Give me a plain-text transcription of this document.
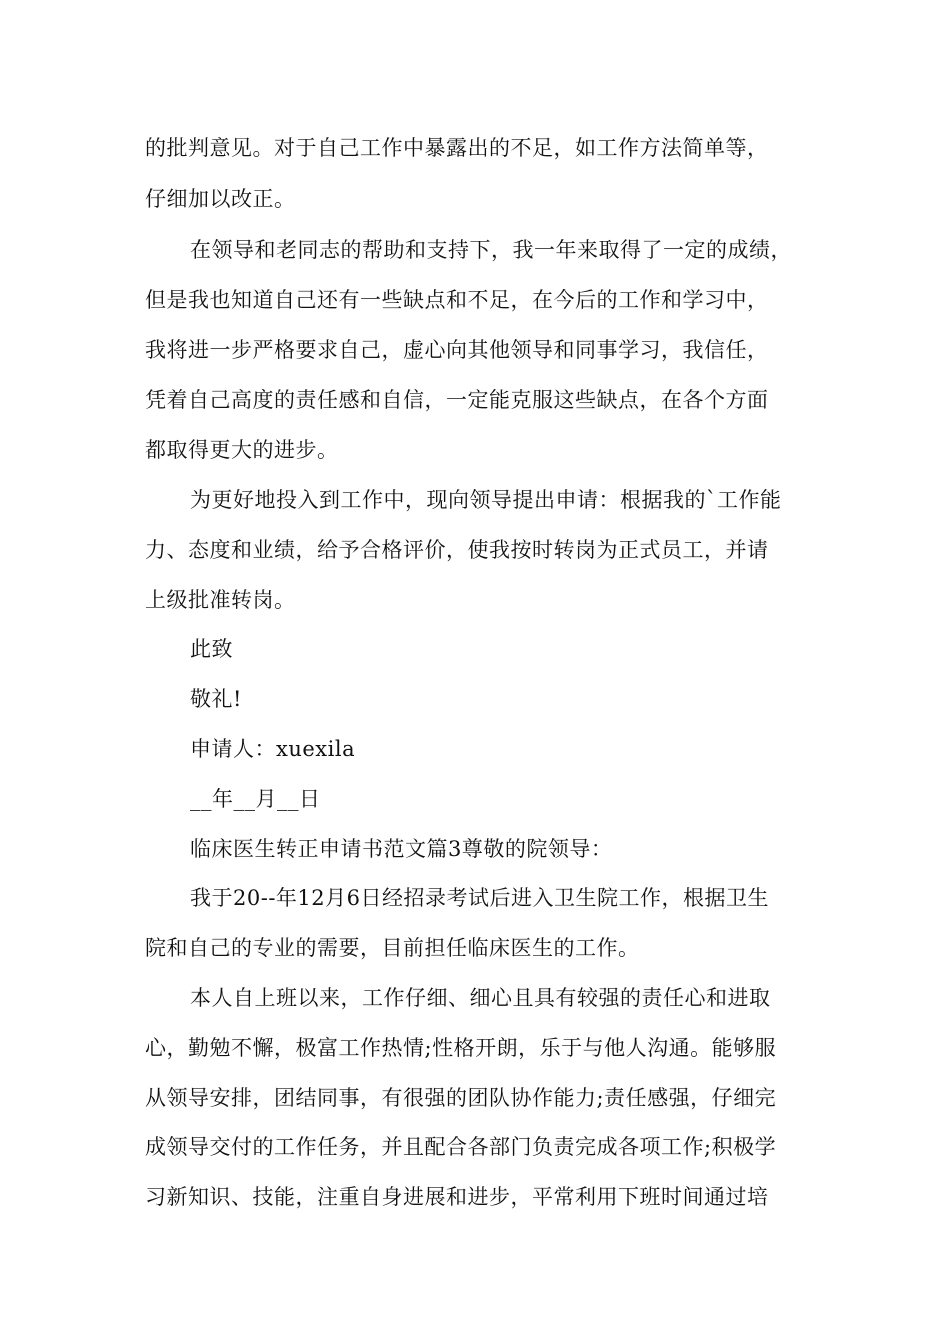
的批判意见。对于自己工作中暴露出的不足，如工作方法简单等，
仔细加以改正。
在领导和老同志的帮助和支持下，我一年来取得了一定的成绩，
但是我也知道自己还有一些缺点和不足，在今后的工作和学习中，
我将进一步严格要求自己，虚心向其他领导和同事学习，我信任，
凭着自己高度的责任感和自信，一定能克服这些缺点，在各个方面
都取得更大的进步。
为更好地投入到工作中，现向领导提出申请：根据我的`工作能
力、态度和业绩，给予合格评价，使我按时转岗为正式员工，并请
上级批准转岗。
此致
敬礼!
申请人：xuexila
__年__月__日
临床医生转正申请书范文篇3尊敬的院领导：
我于20--年12月6日经招录考试后进入卫生院工作，根据卫生
院和自己的专业的需要，目前担任临床医生的工作。
本人自上班以来，工作仔细、细心且具有较强的责任心和进取
心，勤勉不懈，极富工作热情;性格开朗，乐于与他人沟通。能够服
从领导安排，团结同事，有很强的团队协作能力;责任感强，仔细完
成领导交付的工作任务，并且配合各部门负责完成各项工作;积极学
习新知识、技能，注重自身进展和进步，平常利用下班时间通过培
